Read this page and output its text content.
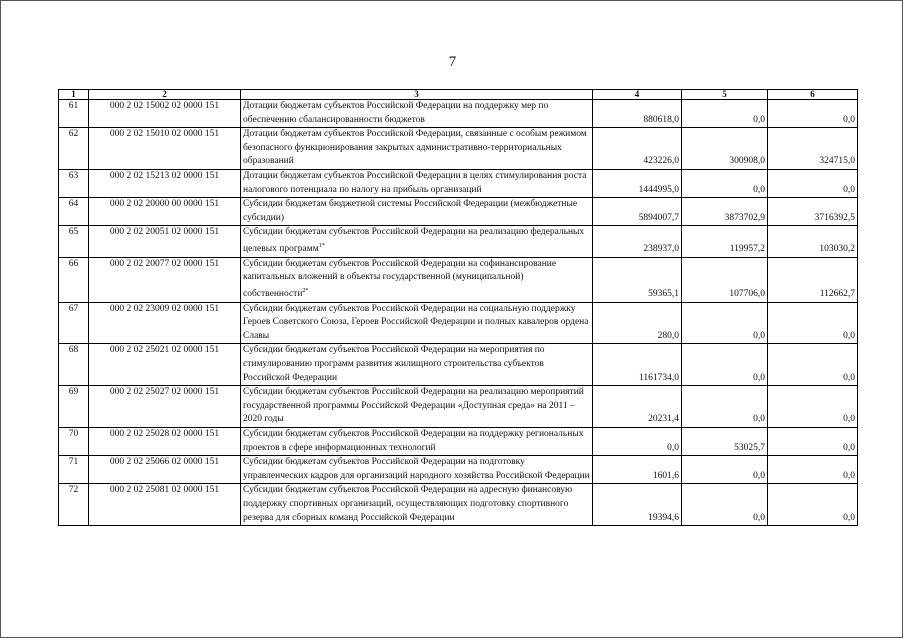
7
1	2	3	4	5	6
61	000 2 02 15002 02 0000 151	Дотации бюджетам субъектов Российской Федерации на поддержку мер по обеспечению сбалансированности бюджетов	880618,0	0,0	0,0
62	000 2 02 15010 02 0000 151	Дотации бюджетам субъектов Российской Федерации, связанные с особым режимом безопасного функционирования закрытых административно-территориальных образований	423226,0	300908,0	324715,0
63	000 2 02 15213 02 0000 151	Дотации бюджетам субъектов Российской Федерации в целях стимулирования роста налогового потенциала по налогу на прибыль организаций	1444995,0	0,0	0,0
64	000 2 02 20000 00 0000 151	Субсидии бюджетам бюджетной системы Российской Федерации (межбюджетные субсидии)	5894007,7	3873702,9	3716392,5
65	000 2 02 20051 02 0000 151	Субсидии бюджетам субъектов Российской Федерации на реализацию федеральных целевых программ$^{1*}$	238937,0	119957,2	103030,2
66	000 2 02 20077 02 0000 151	Субсидии бюджетам субъектов Российской Федерации на софинансирование капитальных вложений в объекты государственной (муниципальной) собственности$^{2*}$	59365,1	107706,0	112662,7
67	000 2 02 23009 02 0000 151	Субсидии бюджетам субъектов Российской Федерации на социальную поддержку Героев Советского Союза, Героев Российской Федерации и полных кавалеров ордена Славы	280,0	0,0	0,0
68	000 2 02 25021 02 0000 151	Субсидии бюджетам субъектов Российской Федерации на мероприятия по стимулированию программ развития жилищного строительства субъектов Российской Федерации	1161734,0	0,0	0,0
69	000 2 02 25027 02 0000 151	Субсидии бюджетам субъектов Российской Федерации на реализацию мероприятий государственной программы Российской Федерации «Доступная среда» на 2011 – 2020 годы	20231,4	0,0	0,0
70	000 2 02 25028 02 0000 151	Субсидии бюджетам субъектов Российской Федерации на поддержку региональных проектов в сфере информационных технологий	0,0	53025,7	0,0
71	000 2 02 25066 02 0000 151	Субсидии бюджетам субъектов Российской Федерации на подготовку управленческих кадров для организаций народного хозяйства Российской Федерации	1601,6	0,0	0,0
72	000 2 02 25081 02 0000 151	Субсидии бюджетам субъектов Российской Федерации на адресную финансовую поддержку спортивных организаций, осуществляющих подготовку спортивного резерва для сборных команд Российской Федерации	19394,6	0,0	0,0
